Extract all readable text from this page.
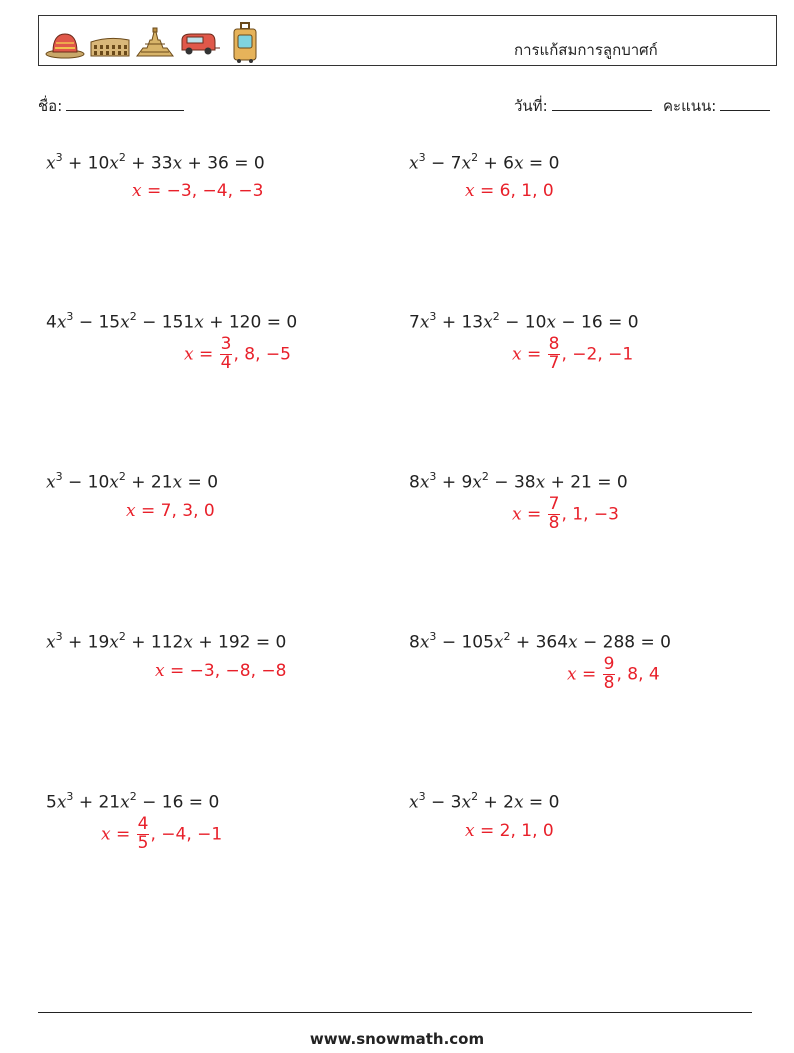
การแก้สมการลูกบาศก์
ชื่อ:	วันที่:	คะแนน:
$x^3 + 10x^2 + 33x + 36 = 0$
x = −3, −4, −3
$x^3 - 7x^2 + 6x = 0$
x = 6, 1, 0
$4x^3 - 15x^2 - 151x + 120 = 0$
$x = \frac{3}{4}$ , 8, −5
$7x^3 + 13x^2 - 10x - 16 = 0$
$x = \frac{8}{7}$ , −2, −1
$x^3 - 10x^2 + 21x = 0$
x = 7, 3, 0
$8x^3 + 9x^2 - 38x + 21 = 0$
$x = \frac{7}{8}$ , 1, −3
$x^3 + 19x^2 + 112x + 192 = 0$
x = −3, −8, −8
$8x^3 - 105x^2 + 364x - 288 = 0$
$x = \frac{9}{8}$ , 8, 4
$5x^3 + 21x^2 - 16 = 0$
$x = \frac{4}{5}$ , −4, −1
$x^3 - 3x^2 + 2x = 0$
x = 2, 1, 0
www.snowmath.com
